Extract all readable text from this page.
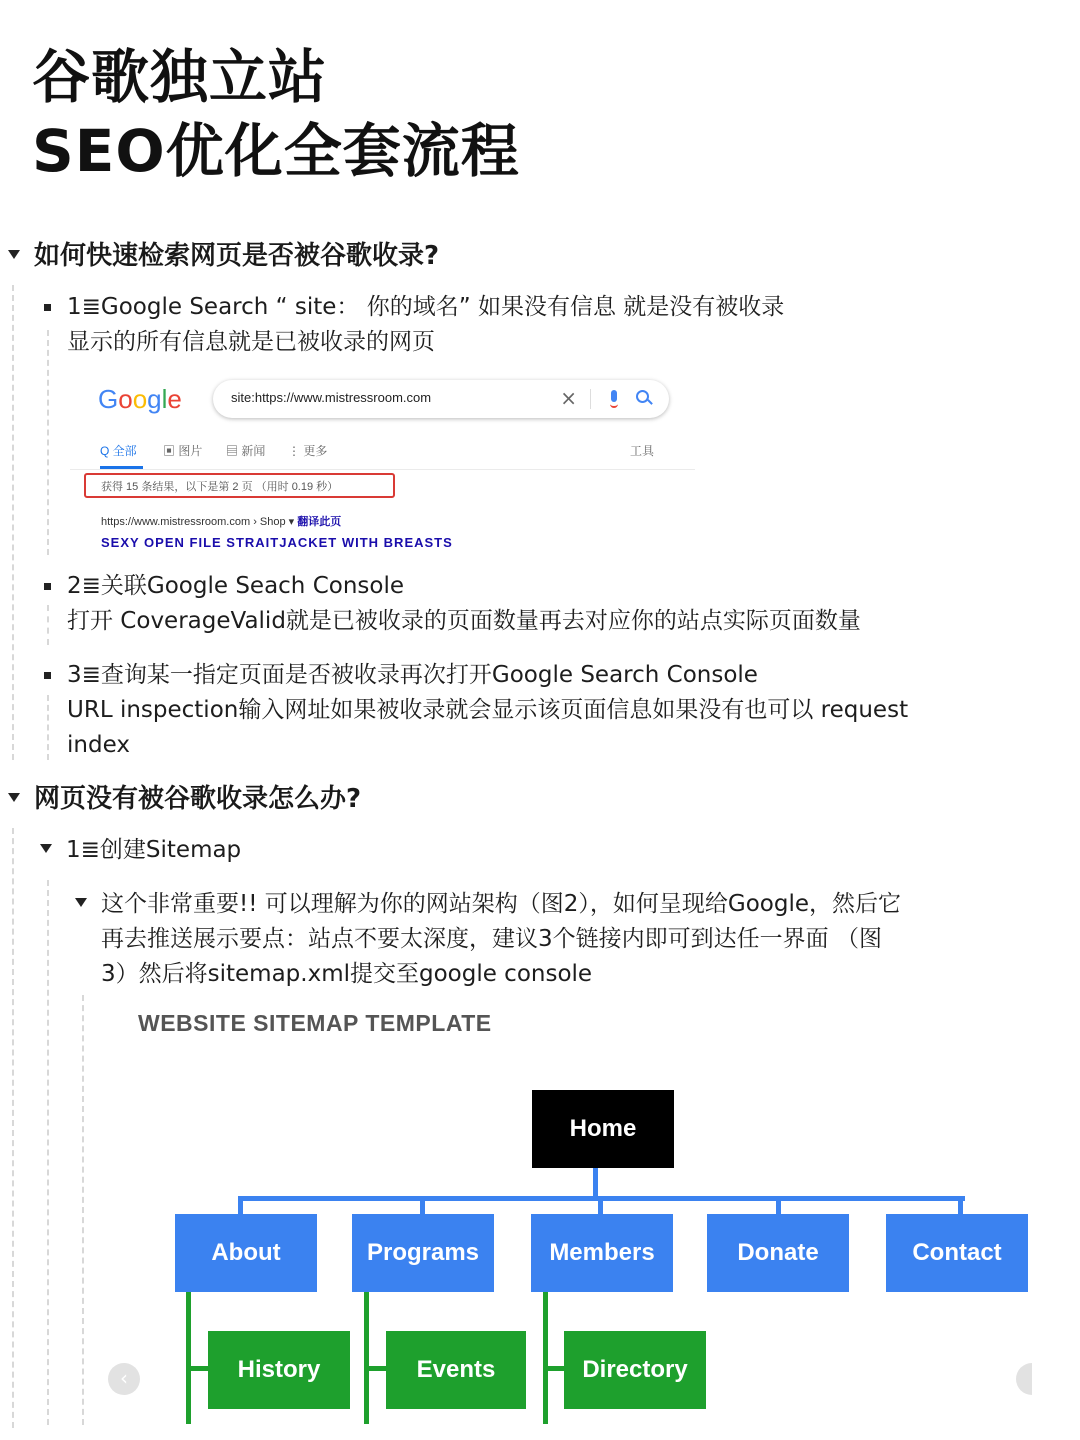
谷歌独立站
SEO优化全套流程
如何快速检索网页是否被谷歌收录?
1≣Google Search “ site： 你的域名” 如果没有信息 就是没有被收录
显示的所有信息就是已被收录的网页
Google	site:https://www.mistressroom.com	×
Q 全部 ▣ 图片 ▤ 新闻 ⋮ 更多	工具
获得 15 条结果，以下是第 2 页 （用时 0.19 秒）
https://www.mistressroom.com › Shop ▾ 翻译此页
SEXY OPEN FILE STRAITJACKET WITH BREASTS
2≣关联Google Seach Console
打开 CoverageValid就是已被收录的页面数量再去对应你的站点实际页面数量
3≣查询某一指定页面是否被收录再次打开Google Search Console
URL inspection输入网址如果被收录就会显示该页面信息如果没有也可以 request
index
网页没有被谷歌收录怎么办?
1≣创建Sitemap
这个非常重要!! 可以理解为你的网站架构（图2），如何呈现给Google，然后它
再去推送展示要点：站点不要太深度，建议3个链接内即可到达任一界面 （图
3）然后将sitemap.xml提交至google console
WEBSITE SITEMAP TEMPLATE
Home
About	Programs	Members	Donate	Contact
History	Events	Directory
‹
